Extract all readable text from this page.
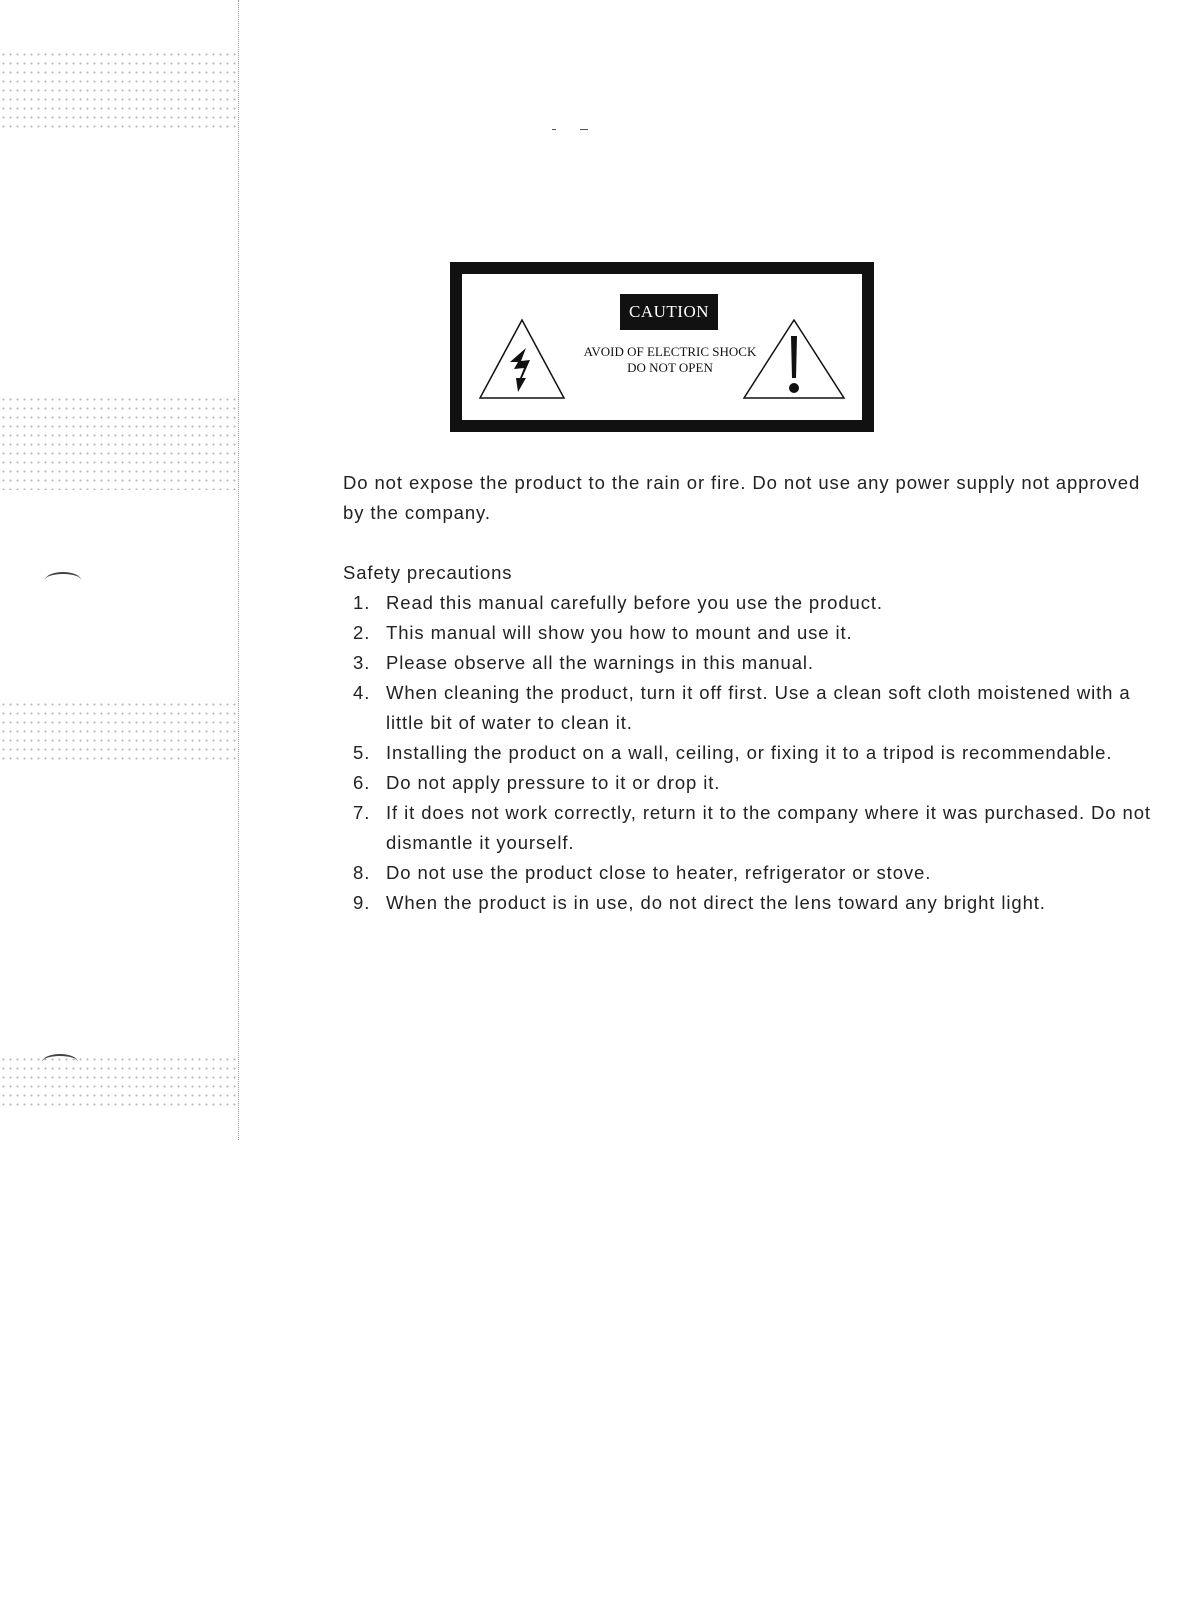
CAUTION
AVOID OF ELECTRIC SHOCK
DO NOT OPEN
Do not expose the product to the rain or fire. Do not use any power supply not approved by the company.
Safety precautions
1. Read this manual carefully before you use the product.
2. This manual will show you how to mount and use it.
3. Please observe all the warnings in this manual.
4. When cleaning the product, turn it off first. Use a clean soft cloth moistened with a little bit of water to clean it.
5. Installing the product on a wall, ceiling, or fixing it to a tripod is recommendable.
6. Do not apply pressure to it or drop it.
7. If it does not work correctly, return it to the company where it was purchased. Do not dismantle it yourself.
8. Do not use the product close to heater, refrigerator or stove.
9. When the product is in use, do not direct the lens toward any bright light.
